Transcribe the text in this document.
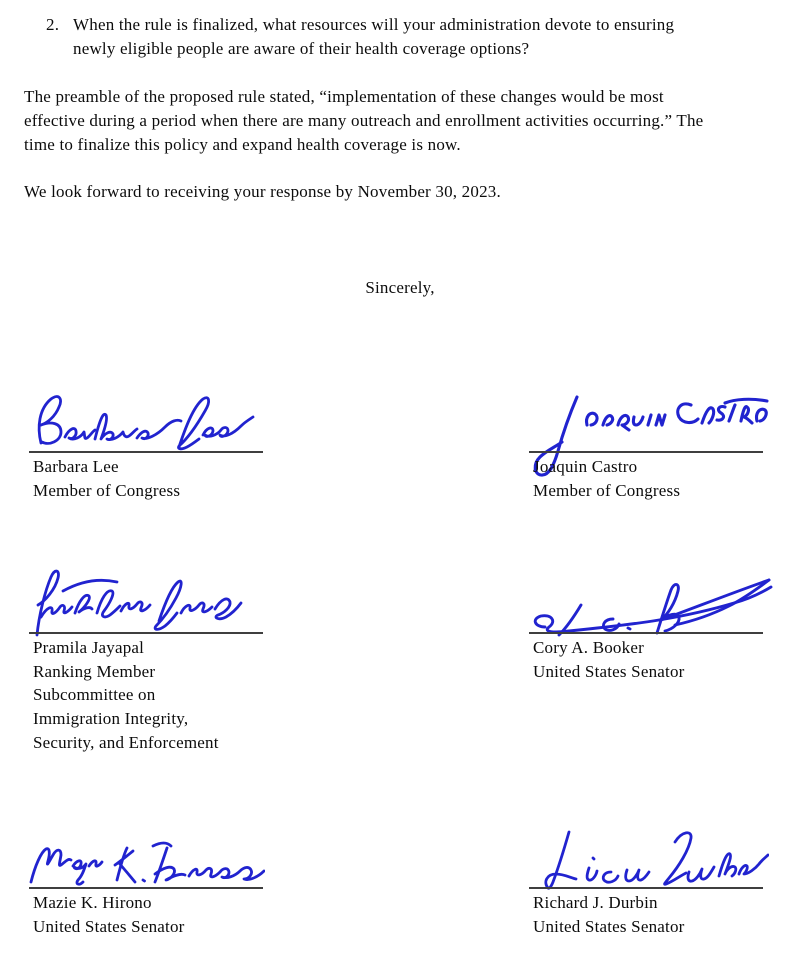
2. When the rule is finalized, what resources will your administration devote to ensuring
newly eligible people are aware of their health coverage options?
The preamble of the proposed rule stated, “implementation of these changes would be most
effective during a period when there are many outreach and enrollment activities occurring.” The
time to finalize this policy and expand health coverage is now.
We look forward to receiving your response by November 30, 2023.
Sincerely,
Barbara Lee
Member of Congress
Joaquin Castro
Member of Congress
Pramila Jayapal
Ranking Member
Subcommittee on
Immigration Integrity,
Security, and Enforcement
Cory A. Booker
United States Senator
Mazie K. Hirono
United States Senator
Richard J. Durbin
United States Senator
